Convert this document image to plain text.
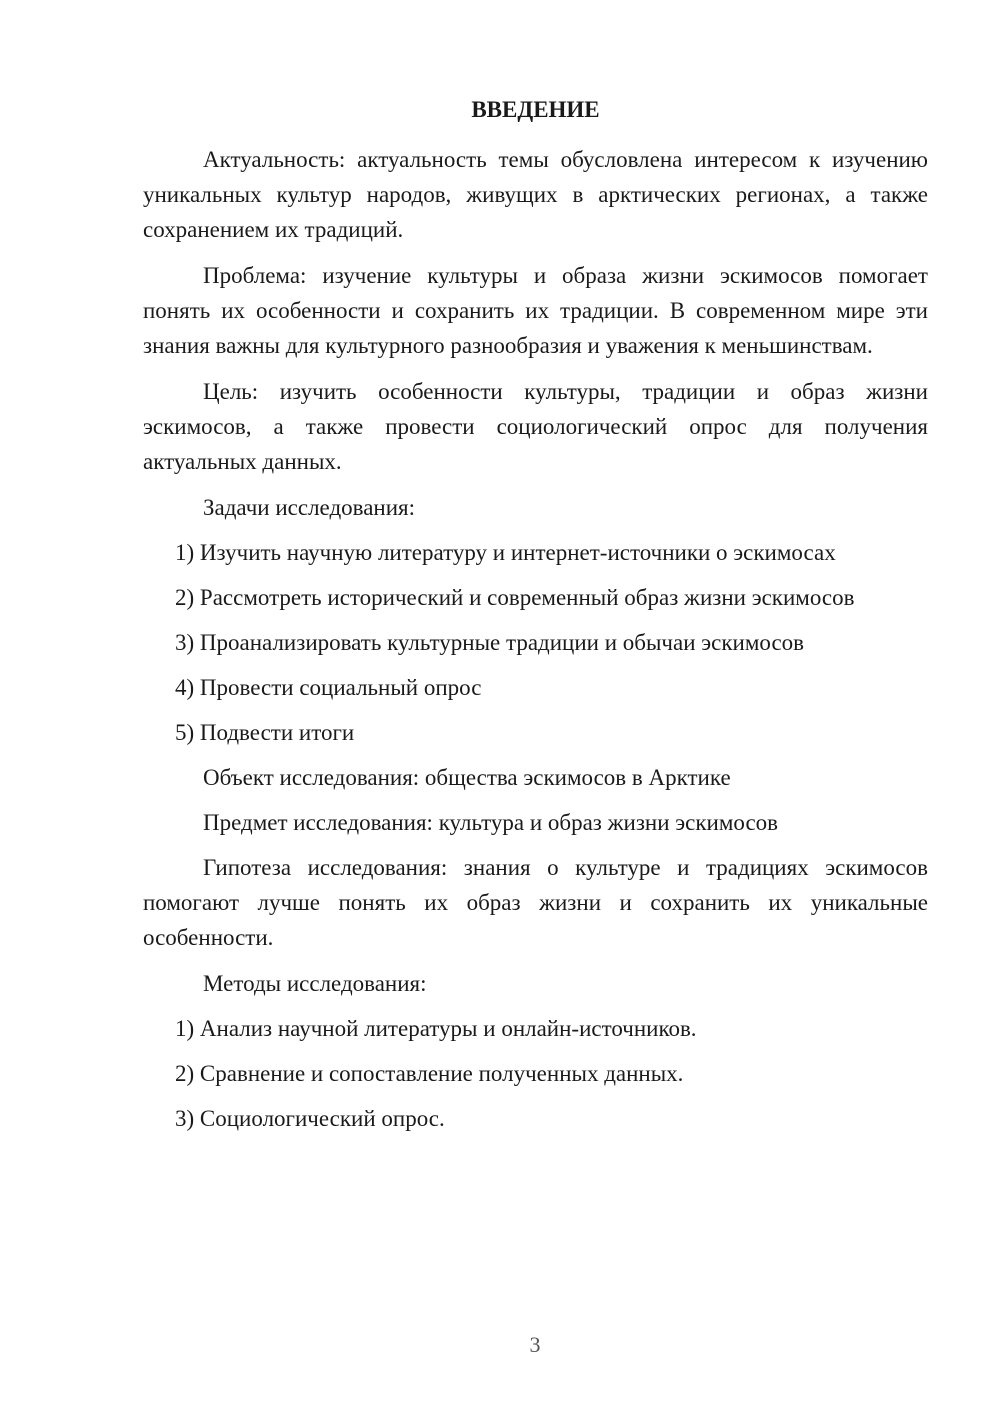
ВВЕДЕНИЕ

Актуальность: актуальность темы обусловлена интересом к изучению уникальных культур народов, живущих в арктических регионах, а также сохранением их традиций.

Проблема: изучение культуры и образа жизни эскимосов помогает понять их особенности и сохранить их традиции. В современном мире эти знания важны для культурного разнообразия и уважения к меньшинствам.

Цель: изучить особенности культуры, традиции и образ жизни эскимосов, а также провести социологический опрос для получения актуальных данных.

Задачи исследования:

1) Изучить научную литературу и интернет-источники о эскимосах
2) Рассмотреть исторический и современный образ жизни эскимосов
3) Проанализировать культурные традиции и обычаи эскимосов
4) Провести социальный опрос
5) Подвести итоги

Объект исследования: общества эскимосов в Арктике

Предмет исследования: культура и образ жизни эскимосов

Гипотеза исследования: знания о культуре и традициях эскимосов помогают лучше понять их образ жизни и сохранить их уникальные особенности.

Методы исследования:

1) Анализ научной литературы и онлайн-источников.
2) Сравнение и сопоставление полученных данных.
3) Социологический опрос.
3
